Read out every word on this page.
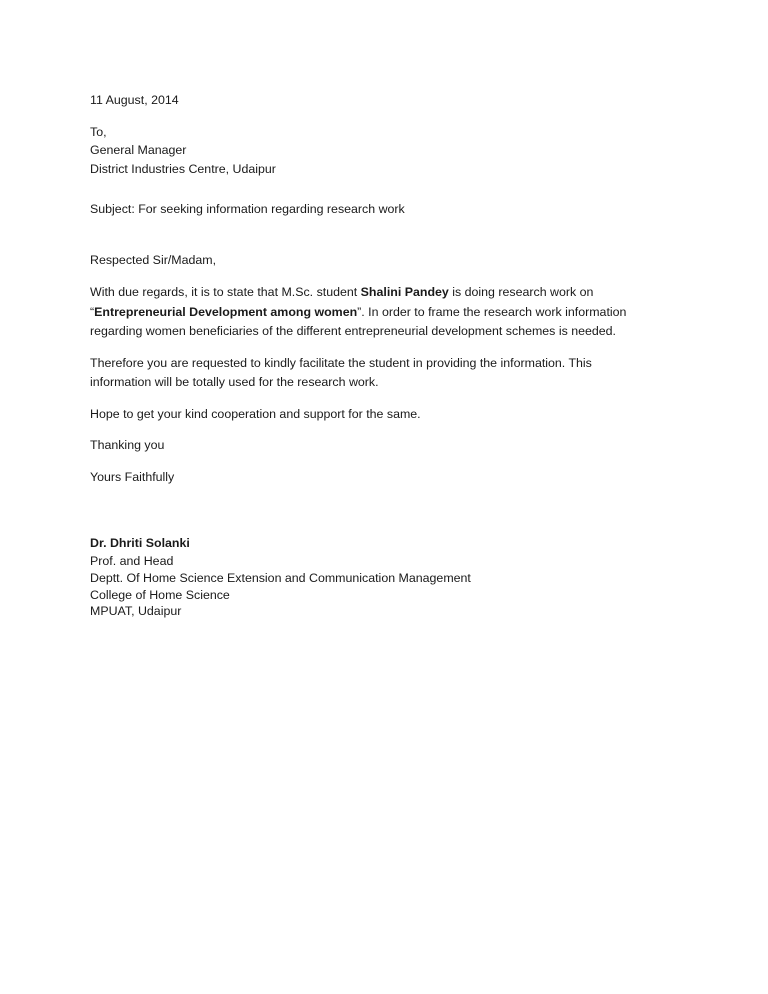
11 August, 2014
To,
General Manager
District Industries Centre, Udaipur
Subject: For seeking information regarding research work
Respected Sir/Madam,
With due regards, it is to state that M.Sc. student Shalini Pandey is doing research work on
“Entrepreneurial Development among women”. In order to frame the research work information
regarding women beneficiaries of the different entrepreneurial development schemes is needed.
Therefore you are requested to kindly facilitate the student in providing the information. This
information will be totally used for the research work.
Hope to get your kind cooperation and support for the same.
Thanking you
Yours Faithfully
Dr. Dhriti Solanki
Prof. and Head
Deptt. Of Home Science Extension and Communication Management
College of Home Science
MPUAT, Udaipur
